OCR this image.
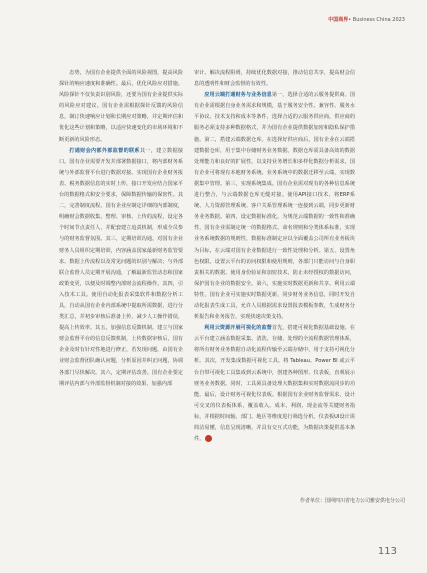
中国商界• Business China 2023

态势，为国有企业提供全面的风险视图，提高风险探针的响应速度和准确性。最后，优化风险应对措施。风险探针不仅负责识别风险，还要为国有企业提供实际的风险应对建议。国有企业需根据探针反馈的风险信息，制订快速响应计划和长期应对策略，并定期评估和优化这些计划和策略，以适应快速变化的市场环境和不断更新的风险形态。

打通财会内部外部监督的联系其一，建立数据接口。国有企业需要开发并部署数据接口，将内部财务系统与外部监督平台进行数据对接。实现国有企业财务报表、税务数据信息的实时上传，接口开发应结合国家平台的数据格式和安全要求，保障数据传输的保密性。其二，完善制度流程。国有企业应制定详细的内部制度，明确财会数据收集、整理、审核、上传的流程，设定各个时间节点责任人，并配套建立追责机制，形成全员参与的财务监督氛围。其三，定期培训沟通。对国有企业财务人员组织定期培训，内容涵盖国家最新财务监管要求、数据上传流程以及常见问题的识别与解决；与外部联合监督人员定期开展沟通，了解最新监管动态和国家政策变更，以便及时调整内部财会流程操作。其四，引入技术工具。使用自动化报表采集软件和数据分析工具，自动从国有企业内部系统中提取所需数据，进行分类汇总，并初步审核后准备上传，减少人工操作错误，提高上传效率。其五，加强信息反馈机制。建立与国家财会监督平台的信息反馈机制，上传数据审核后，国有企业及时有针对性地进行修正，若发现问题，由国有企业财会监督团队确认问题，分析原因并纠正问题，协调各部门尽快解决。其六，定期评估改善。国有企业要定期评估内部与外部监督机制对接的效果，加强内部

审计、解决流程阻碍，持续优化数据对接，推动信息共享，提高财会信息的透明性和财会监督的有效性。

应用云端打通财务与业务信息第一，选择合适的云服务提供商。国有企业需根据自身业务需求和规模，基于服务安全性、兼容性、服务水平协议、技术支持和成本等条件，选择合适的云服务供应商，供应商的服务必须支持多种数据格式，并为国有企业提供数据加密和隐私保护措施。第二，搭建云端数据仓库。在选择好供应商后，国有企业在云端搭建数据仓库，用于集中存储财务业务数据。数据仓库需具备高效的数据处理能力和良好的扩展性，以支持业务增长和多样化数据分析需求，国有企业可将现有本地财务系统、业务系统中的数据迁移至云端，实现数据集中管理。第三，实现系统集成。国有企业需对现有的各种信息系统进行整合，与云端数据仓库无缝对接。使用API接口技术，将ERP系统、人力资源管理系统、客户关系管理系统一连接到云端，同步更新财务业务数据。第四，设定数据标准化。为规范云端数据的一致性和准确性，国有企业需制定统一的数据格式、命名规则和分类体系标准，实现业务系统数据的规则性，数据标准制定应以全面覆盖公司所有业务板块为目标，在云端对国有企业数据进行一致性处理和分析。第五，设置角色权限。设置云平台的访问权限和使用规则，各部门只能访问与自身职责相关的数据。使用身份验证和加密技术，防止未经授权的数据访问，保护国有企业的数据安全。第六，实施实时数据更新和共享。利用云端特性，国有企业可实施实时数据更新，同步财务业务信息，同时开发自动化报表生成工具，允许人员根据需求设置报表模板参数，生成财务分析报告和业务报告，实现快速决策支持。

利用云资源开展可视化的监督首先，搭建可视化数据基础设施。在云平台建立涵盖数据采集、清洗、存储、处理的全流程数据管理体系，将所有财务业务数据自动化流程传输至云端存储中，用于支持可视化分析。其次，开发集成数据可视化工具。将 Tableau、Power BI 或云平台自带可视化工具集成到云系统中，创建各种图形、仪表板，直观展示财务业务数据。同时，工具须具备处理大数据集和实时数据流同步的功能。最后，设计财务可视化仪表板。根据国有企业财务监督需求，设计可交叉的仪表板体系，覆盖收入、成本、利润、现金流等关键财务指标，并根据时间轴、部门、地区等维度进行筛选分析。仪表板UI设计需简洁易懂，信息呈现清晰，并具有交互式功能，为数据决策提供基本条件。

作者单位：国网四川省电力公司雅安供电分公司
113
